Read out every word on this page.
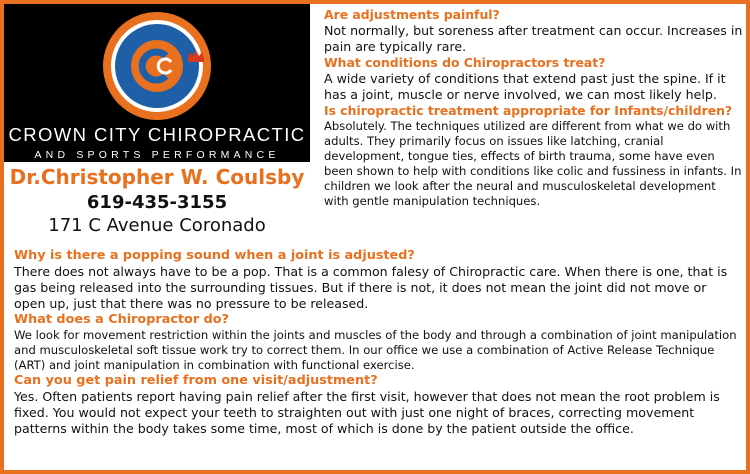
CROWN CITY CHIROPRACTIC
AND SPORTS PERFORMANCE
Dr.Christopher W. Coulsby
619-435-3155
171 C Avenue Coronado
Are adjustments painful?
Not normally, but soreness after treatment can occur. Increases in pain are typically rare.
What conditions do Chiropractors treat?
A wide variety of conditions that extend past just the spine. If it has a joint, muscle or nerve involved, we can most likely help.
Is chiropractic treatment appropriate for Infants/children?
Absolutely. The techniques utilized are different from what we do with adults. They primarily focus on issues like latching, cranial development, tongue ties, effects of birth trauma, some have even been shown to help with conditions like colic and fussiness in infants. In children we look after the neural and musculoskeletal development with gentle manipulation techniques.
Why is there a popping sound when a joint is adjusted?
There does not always have to be a pop. That is a common falesy of Chiropractic care. When there is one, that is gas being released into the surrounding tissues. But if there is not, it does not mean the joint did not move or open up, just that there was no pressure to be released.
What does a Chiropractor do?
We look for movement restriction within the joints and muscles of the body and through a combination of joint manipulation and musculoskeletal soft tissue work try to correct them. In our office we use a combination of Active Release Technique (ART) and joint manipulation in combination with functional exercise.
Can you get pain relief from one visit/adjustment?
Yes. Often patients report having pain relief after the first visit, however that does not mean the root problem is fixed. You would not expect your teeth to straighten out with just one night of braces, correcting movement patterns within the body takes some time, most of which is done by the patient outside the office.
